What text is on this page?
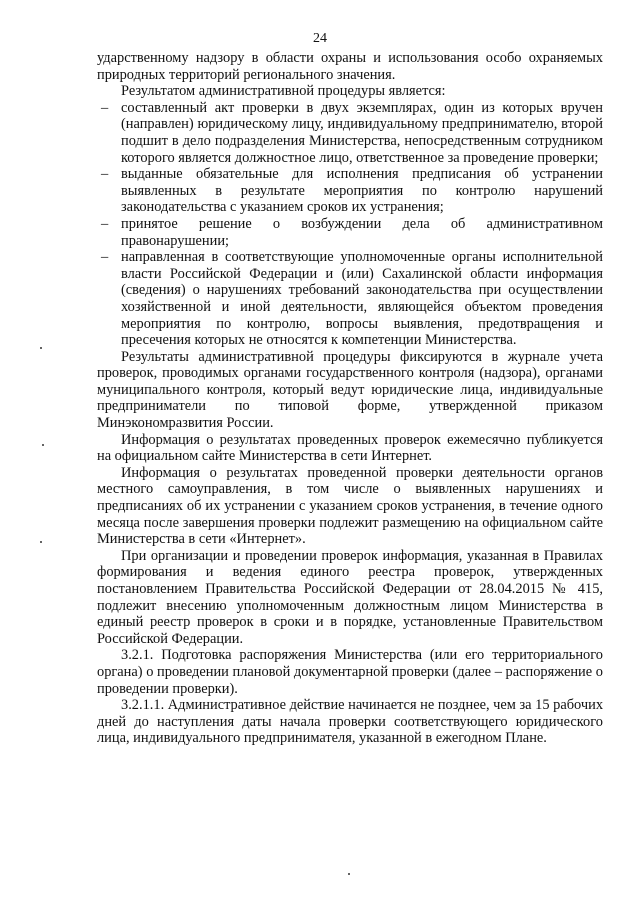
24

ударственному надзору в области охраны и использования особо охраняемых природных территорий регионального значения.

Результатом административной процедуры является:

– составленный акт проверки в двух экземплярах, один из которых вручен (направлен) юридическому лицу, индивидуальному предпринимателю, второй подшит в дело подразделения Министерства, непосредственным сотрудником которого является должностное лицо, ответственное за проведение проверки;
– выданные обязательные для исполнения предписания об устранении выявленных в результате мероприятия по контролю нарушений законодательства с указанием сроков их устранения;
– принятое решение о возбуждении дела об административном правонарушении;
– направленная в соответствующие уполномоченные органы исполнительной власти Российской Федерации и (или) Сахалинской области информация (сведения) о нарушениях требований законодательства при осуществлении хозяйственной и иной деятельности, являющейся объектом проведения мероприятия по контролю, вопросы выявления, предотвращения и пресечения которых не относятся к компетенции Министерства.

Результаты административной процедуры фиксируются в журнале учета проверок, проводимых органами государственного контроля (надзора), органами муниципального контроля, который ведут юридические лица, индивидуальные предприниматели по типовой форме, утвержденной приказом Минэкономразвития России.

Информация о результатах проведенных проверок ежемесячно публикуется на официальном сайте Министерства в сети Интернет.

Информация о результатах проведенной проверки деятельности органов местного самоуправления, в том числе о выявленных нарушениях и предписаниях об их устранении с указанием сроков устранения, в течение одного месяца после завершения проверки подлежит размещению на официальном сайте Министерства в сети «Интернет».

При организации и проведении проверок информация, указанная в Правилах формирования и ведения единого реестра проверок, утвержденных постановлением Правительства Российской Федерации от 28.04.2015 № 415, подлежит внесению уполномоченным должностным лицом Министерства в единый реестр проверок в сроки и в порядке, установленные Правительством Российской Федерации.

3.2.1. Подготовка распоряжения Министерства (или его территориального органа) о проведении плановой документарной проверки (далее – распоряжение о проведении проверки).

3.2.1.1. Административное действие начинается не позднее, чем за 15 рабочих дней до наступления даты начала проверки соответствующего юридического лица, индивидуального предпринимателя, указанной в ежегодном Плане.
